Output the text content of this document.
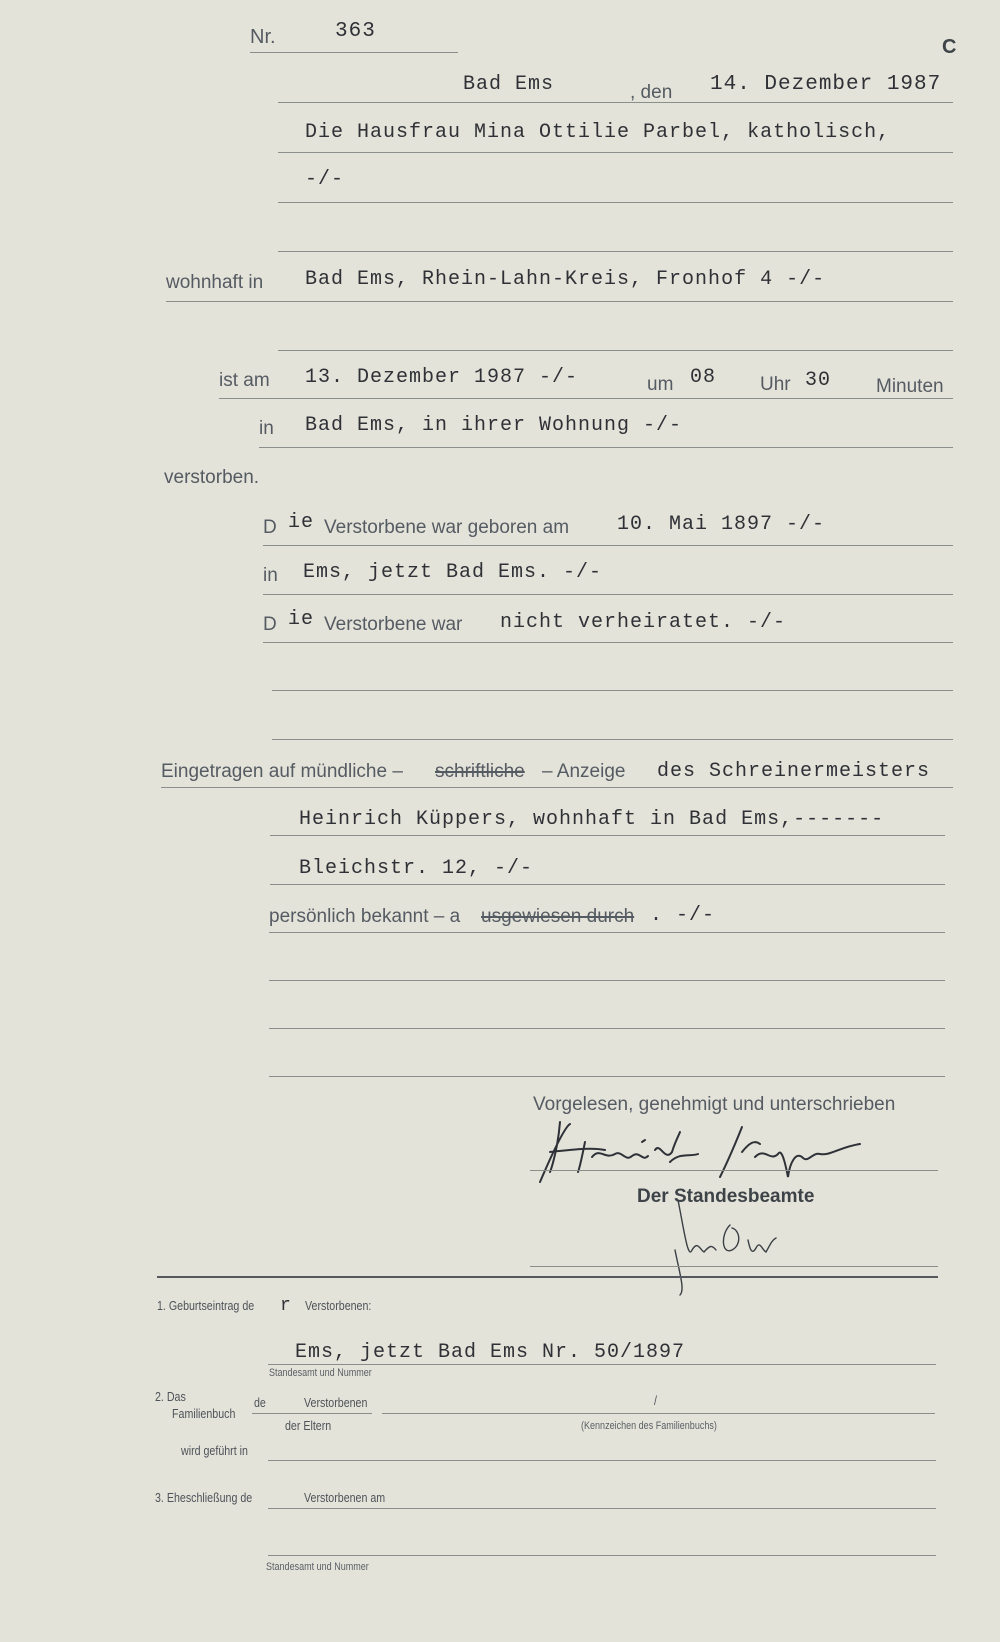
Nr.	363
C
Bad Ems	, den 14. Dezember 1987
Die Hausfrau Mina Ottilie Parbel, katholisch,
-/-
wohnhaft in Bad Ems, Rhein-Lahn-Kreis, Fronhof 4 -/-
ist am 13. Dezember 1987 -/-	um 08 Uhr 30 Minuten
in Bad Ems, in ihrer Wohnung -/-
verstorben.
D ie Verstorbene war geboren am 10. Mai 1897 -/-
in Ems, jetzt Bad Ems. -/-
D ie Verstorbene war nicht verheiratet. -/-
Eingetragen auf mündliche – schriftliche – Anzeige des Schreinermeisters
Heinrich Küppers, wohnhaft in Bad Ems,-------
Bleichstr. 12, -/-
persönlich bekannt – a usgewiesen durch . -/-
Vorgelesen, genehmigt und unterschrieben
Der Standesbeamte
1. Geburtseintrag de r Verstorbenen:
Ems, jetzt Bad Ems Nr. 50/1897
Standesamt und Nummer
2. Das
Familienbuch
de	Verstorbenen	/
der Eltern	(Kennzeichen des Familienbuchs)
wird geführt in
3. Eheschließung de	Verstorbenen am
Standesamt und Nummer
